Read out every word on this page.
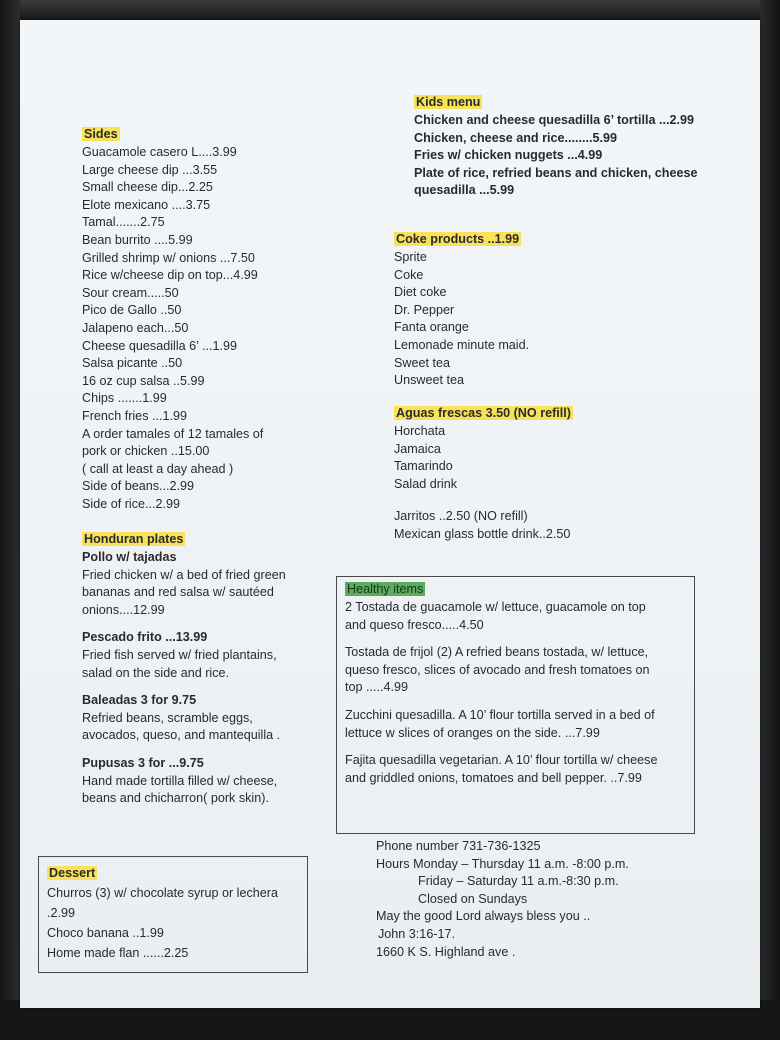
Sides
Guacamole casero L....3.99
Large cheese dip ...3.55
Small cheese dip...2.25
Elote mexicano ....3.75
Tamal.......2.75
Bean burrito ....5.99
Grilled shrimp w/ onions ...7.50
Rice w/cheese dip on top...4.99
Sour cream.....50
Pico de Gallo ..50
Jalapeno each...50
Cheese quesadilla 6’ ...1.99
Salsa picante ..50
16 oz cup salsa ..5.99
Chips .......1.99
French fries ...1.99
A order tamales of 12 tamales of
pork or chicken ..15.00
( call at least a day ahead )
Side of beans...2.99
Side of rice...2.99
Honduran plates
Pollo w/ tajadas
Fried chicken w/ a bed of fried green
bananas and red salsa w/ sautéed
onions....12.99
Pescado frito ...13.99
Fried fish served w/ fried plantains,
salad on the side and rice.
Baleadas 3 for 9.75
Refried beans, scramble eggs,
avocados, queso, and mantequilla .
Pupusas 3 for ...9.75
Hand made tortilla filled w/ cheese,
beans and chicharron( pork skin).
Dessert
Churros (3) w/ chocolate syrup or lechera
.2.99
Choco banana ..1.99
Home made flan ......2.25
Kids menu
Chicken and cheese quesadilla 6’ tortilla ...2.99
Chicken, cheese and rice........5.99
Fries w/ chicken nuggets ...4.99
Plate of rice, refried beans and chicken, cheese
quesadilla ...5.99
Coke products ..1.99
Sprite
Coke
Diet coke
Dr. Pepper
Fanta orange
Lemonade minute maid.
Sweet tea
Unsweet tea
Aguas frescas 3.50 (NO refill)
Horchata
Jamaica
Tamarindo
Salad drink
Jarritos ..2.50 (NO refill)
Mexican glass bottle drink..2.50
Healthy items
2 Tostada de guacamole w/ lettuce, guacamole on top
and queso fresco.....4.50
Tostada de frijol (2) A refried beans tostada, w/ lettuce,
queso fresco, slices of avocado and fresh tomatoes on
top .....4.99
Zucchini quesadilla. A 10’ flour tortilla served in a bed of
lettuce w slices of oranges on the side. ...7.99
Fajita quesadilla vegetarian. A 10’ flour tortilla w/ cheese
and griddled onions, tomatoes and bell pepper. ..7.99
Phone number 731-736-1325
Hours Monday – Thursday 11 a.m. -8:00 p.m.
Friday – Saturday 11 a.m.-8:30 p.m.
Closed on Sundays
May the good Lord always bless you ..
John 3:16-17.
1660 K S. Highland ave .
